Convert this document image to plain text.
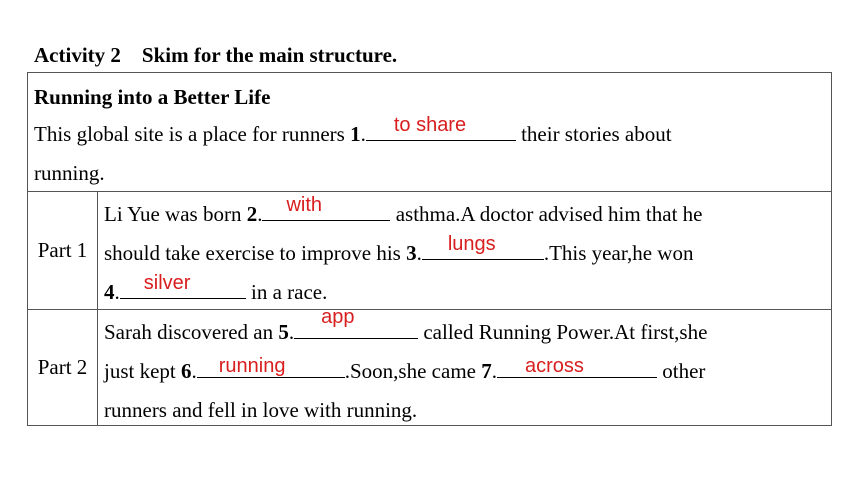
Activity 2    Skim for the main structure.
Running into a Better Life
This global site is a place for runners 1. to share their stories about
running.
Part 1
Li Yue was born 2. with	asthma.A doctor advised him that he
should take exercise to improve his 3. lungs .This year,he won
4. silver	in a race.
Part 2
Sarah discovered an 5.
app
called Running Power.At first,she
just kept 6. running	.Soon,she came 7. across	other
runners and fell in love with running.
